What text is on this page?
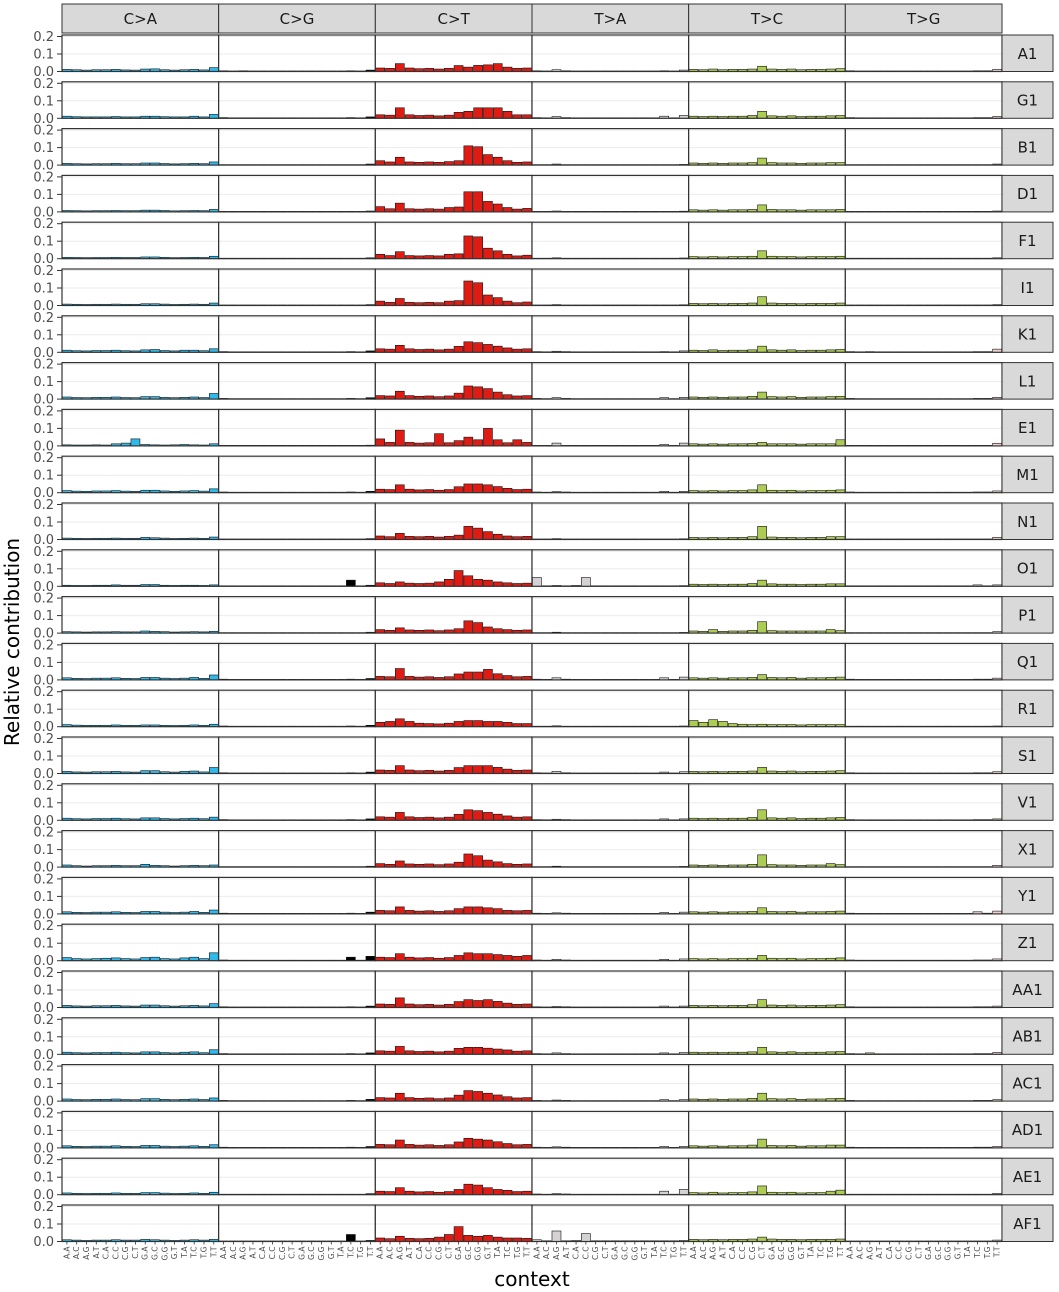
C>A	C>G	C>T	T>A	T>C	T>G
0.0
0.1
0.2
A1
0.0
0.1
0.2
G1
0.0
0.1
0.2
B1
0.0
0.1
0.2
D1
0.0
0.1
0.2
F1
0.0
0.1
0.2
I1
0.0
0.1
0.2
K1
0.0
0.1
0.2
L1
0.0
0.1
0.2
E1
0.0
0.1
0.2
M1
0.0
0.1
0.2
N1
0.0
0.1
0.2
O1
0.0
0.1
0.2
P1
0.0
0.1
0.2
Q1
0.0
0.1
0.2
R1
0.0
0.1
0.2
S1
0.0
0.1
0.2
V1
0.0
0.1
0.2
X1
0.0
0.1
0.2
Y1
0.0
0.1
0.2
Z1
0.0
0.1
0.2
AA1
0.0
0.1
0.2
AB1
0.0
0.1
0.2
AC1
0.0
0.1
0.2
AD1
0.0
0.1
0.2
AE1
0.0
0.1
0.2
AF1
A.A A.C A.G A.T C.A C.C C.G C.T G.A G.C G.G G.T T.A T.C T.G T.T A.A A.C A.G A.T C.A C.C C.G C.T G.A G.C G.G G.T T.A T.C T.G T.T A.A A.C A.G A.T C.A C.C C.G C.T G.A G.C G.G G.T T.A T.C T.G T.T A.A A.C A.G A.T C.A C.C C.G C.T G.A G.C G.G G.T T.A T.C T.G T.T A.A A.C A.G A.T C.A C.C C.G C.T G.A G.C G.G G.T T.A T.C T.G T.T A.A A.C A.G A.T C.A C.C C.G C.T G.A G.C G.G G.T T.A T.C T.G T.T
context
Relative contribution
